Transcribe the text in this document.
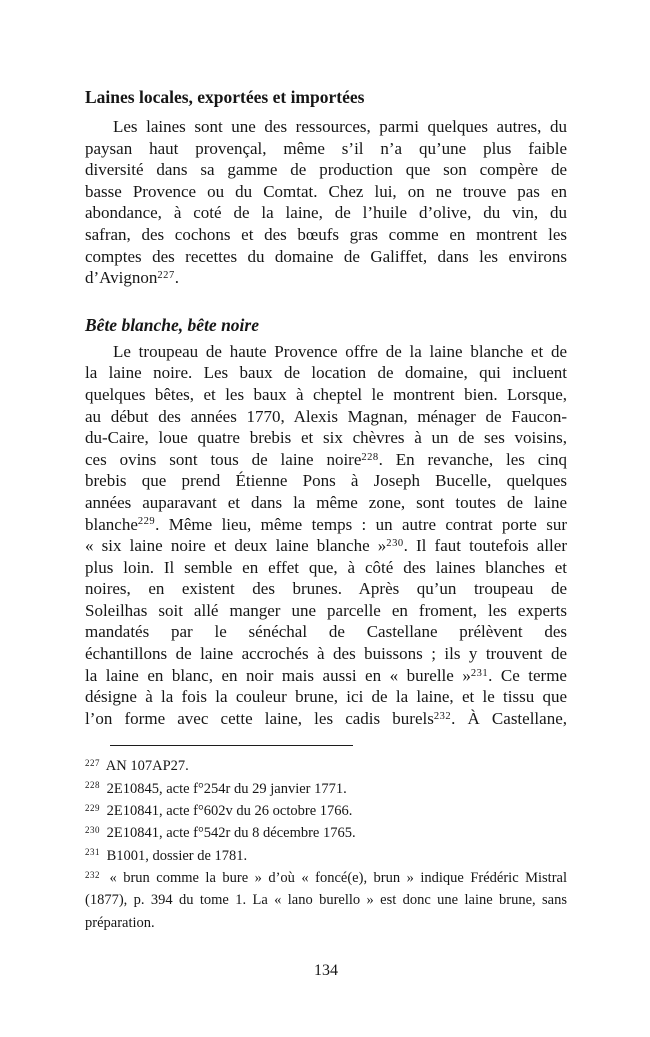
Laines locales, exportées et importées
Les laines sont une des ressources, parmi quelques autres, du
paysan haut provençal, même s’il n’a qu’une plus faible
diversité dans sa gamme de production que son compère de
basse Provence ou du Comtat. Chez lui, on ne trouve pas en
abondance, à coté de la laine, de l’huile d’olive, du vin, du
safran, des cochons et des bœufs gras comme en montrent les
comptes des recettes du domaine de Galiffet, dans les environs
d’Avignon$^{227}$.
Bête blanche, bête noire
Le troupeau de haute Provence offre de la laine blanche et de
la laine noire. Les baux de location de domaine, qui incluent
quelques bêtes, et les baux à cheptel le montrent bien. Lorsque,
au début des années 1770, Alexis Magnan, ménager de Faucon-
du-Caire, loue quatre brebis et six chèvres à un de ses voisins,
ces ovins sont tous de laine noire$^{228}$. En revanche, les cinq
brebis que prend Étienne Pons à Joseph Bucelle, quelques
années auparavant et dans la même zone, sont toutes de laine
blanche$^{229}$. Même lieu, même temps : un autre contrat porte sur
« six laine noire et deux laine blanche »$^{230}$. Il faut toutefois aller
plus loin. Il semble en effet que, à côté des laines blanches et
noires, en existent des brunes. Après qu’un troupeau de
Soleilhas soit allé manger une parcelle en froment, les experts
mandatés par le sénéchal de Castellane prélèvent des
échantillons de laine accrochés à des buissons ; ils y trouvent de
la laine en blanc, en noir mais aussi en « burelle »$^{231}$. Ce terme
désigne à la fois la couleur brune, ici de la laine, et le tissu que
l’on forme avec cette laine, les cadis burels$^{232}$. À Castellane,
$^{227}$ AN 107AP27.
$^{228}$ 2E10845, acte f°254r du 29 janvier 1771.
$^{229}$ 2E10841, acte f°602v du 26 octobre 1766.
$^{230}$ 2E10841, acte f°542r du 8 décembre 1765.
$^{231}$ B1001, dossier de 1781.
$^{232}$ « brun comme la bure » d’où « foncé(e), brun » indique Frédéric Mistral
(1877), p. 394 du tome 1. La « lano burello » est donc une laine brune, sans
préparation.
134
